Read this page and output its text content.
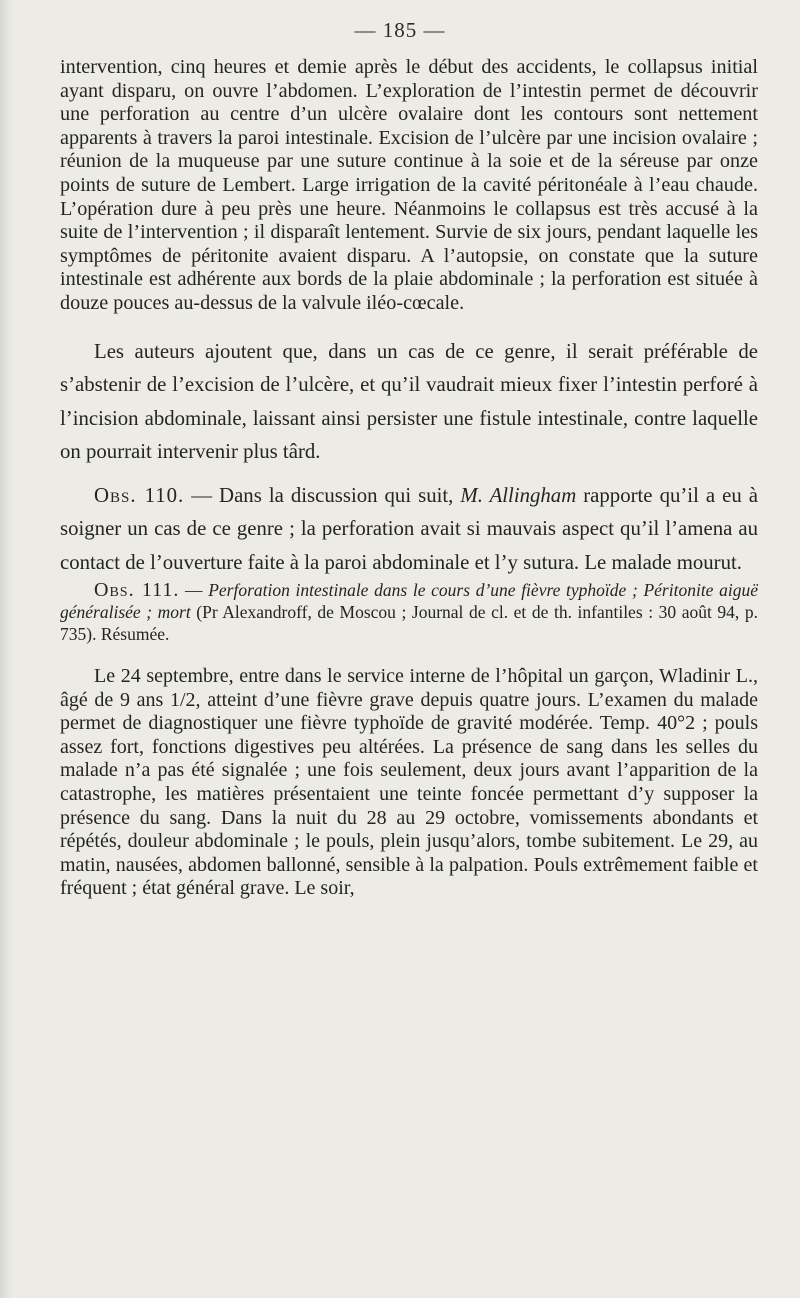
— 185 —

intervention, cinq heures et demie après le début des accidents, le collapsus initial ayant disparu, on ouvre l’abdomen. L’exploration de l’intestin permet de découvrir une perforation au centre d’un ulcère ovalaire dont les contours sont nettement apparents à travers la paroi intestinale. Excision de l’ulcère par une incision ovalaire ; réunion de la muqueuse par une suture continue à la soie et de la séreuse par onze points de suture de Lembert. Large irrigation de la cavité péritonéale à l’eau chaude. L’opération dure à peu près une heure. Néanmoins le collapsus est très accusé à la suite de l’intervention ; il disparaît lentement. Survie de six jours, pendant laquelle les symptômes de péritonite avaient disparu. A l’autopsie, on constate que la suture intestinale est adhérente aux bords de la plaie abdominale ; la perforation est située à douze pouces au-dessus de la valvule iléo-cœcale.

Les auteurs ajoutent que, dans un cas de ce genre, il serait préférable de s’abstenir de l’excision de l’ulcère, et qu’il vaudrait mieux fixer l’intestin perforé à l’incision abdominale, laissant ainsi persister une fistule intestinale, contre laquelle on pourrait intervenir plus târd.

Obs. 110. — Dans la discussion qui suit, M. Allingham rapporte qu’il a eu à soigner un cas de ce genre ; la perforation avait si mauvais aspect qu’il l’amena au contact de l’ouverture faite à la paroi abdominale et l’y sutura. Le malade mourut.

Obs. 111. — Perforation intestinale dans le cours d’une fièvre typhoïde ; Péritonite aiguë généralisée ; mort (Pr Alexandroff, de Moscou ; Journal de cl. et de th. infantiles : 30 août 94, p. 735). Résumée.

Le 24 septembre, entre dans le service interne de l’hôpital un garçon, Wladinir L., âgé de 9 ans 1/2, atteint d’une fièvre grave depuis quatre jours. L’examen du malade permet de diagnostiquer une fièvre typhoïde de gravité modérée. Temp. 40°2 ; pouls assez fort, fonctions digestives peu altérées. La présence de sang dans les selles du malade n’a pas été signalée ; une fois seulement, deux jours avant l’apparition de la catastrophe, les matières présentaient une teinte foncée permettant d’y supposer la présence du sang. Dans la nuit du 28 au 29 octobre, vomissements abondants et répétés, douleur abdominale ; le pouls, plein jusqu’alors, tombe subitement. Le 29, au matin, nausées, abdomen ballonné, sensible à la palpation. Pouls extrêmement faible et fréquent ; état général grave. Le soir,
